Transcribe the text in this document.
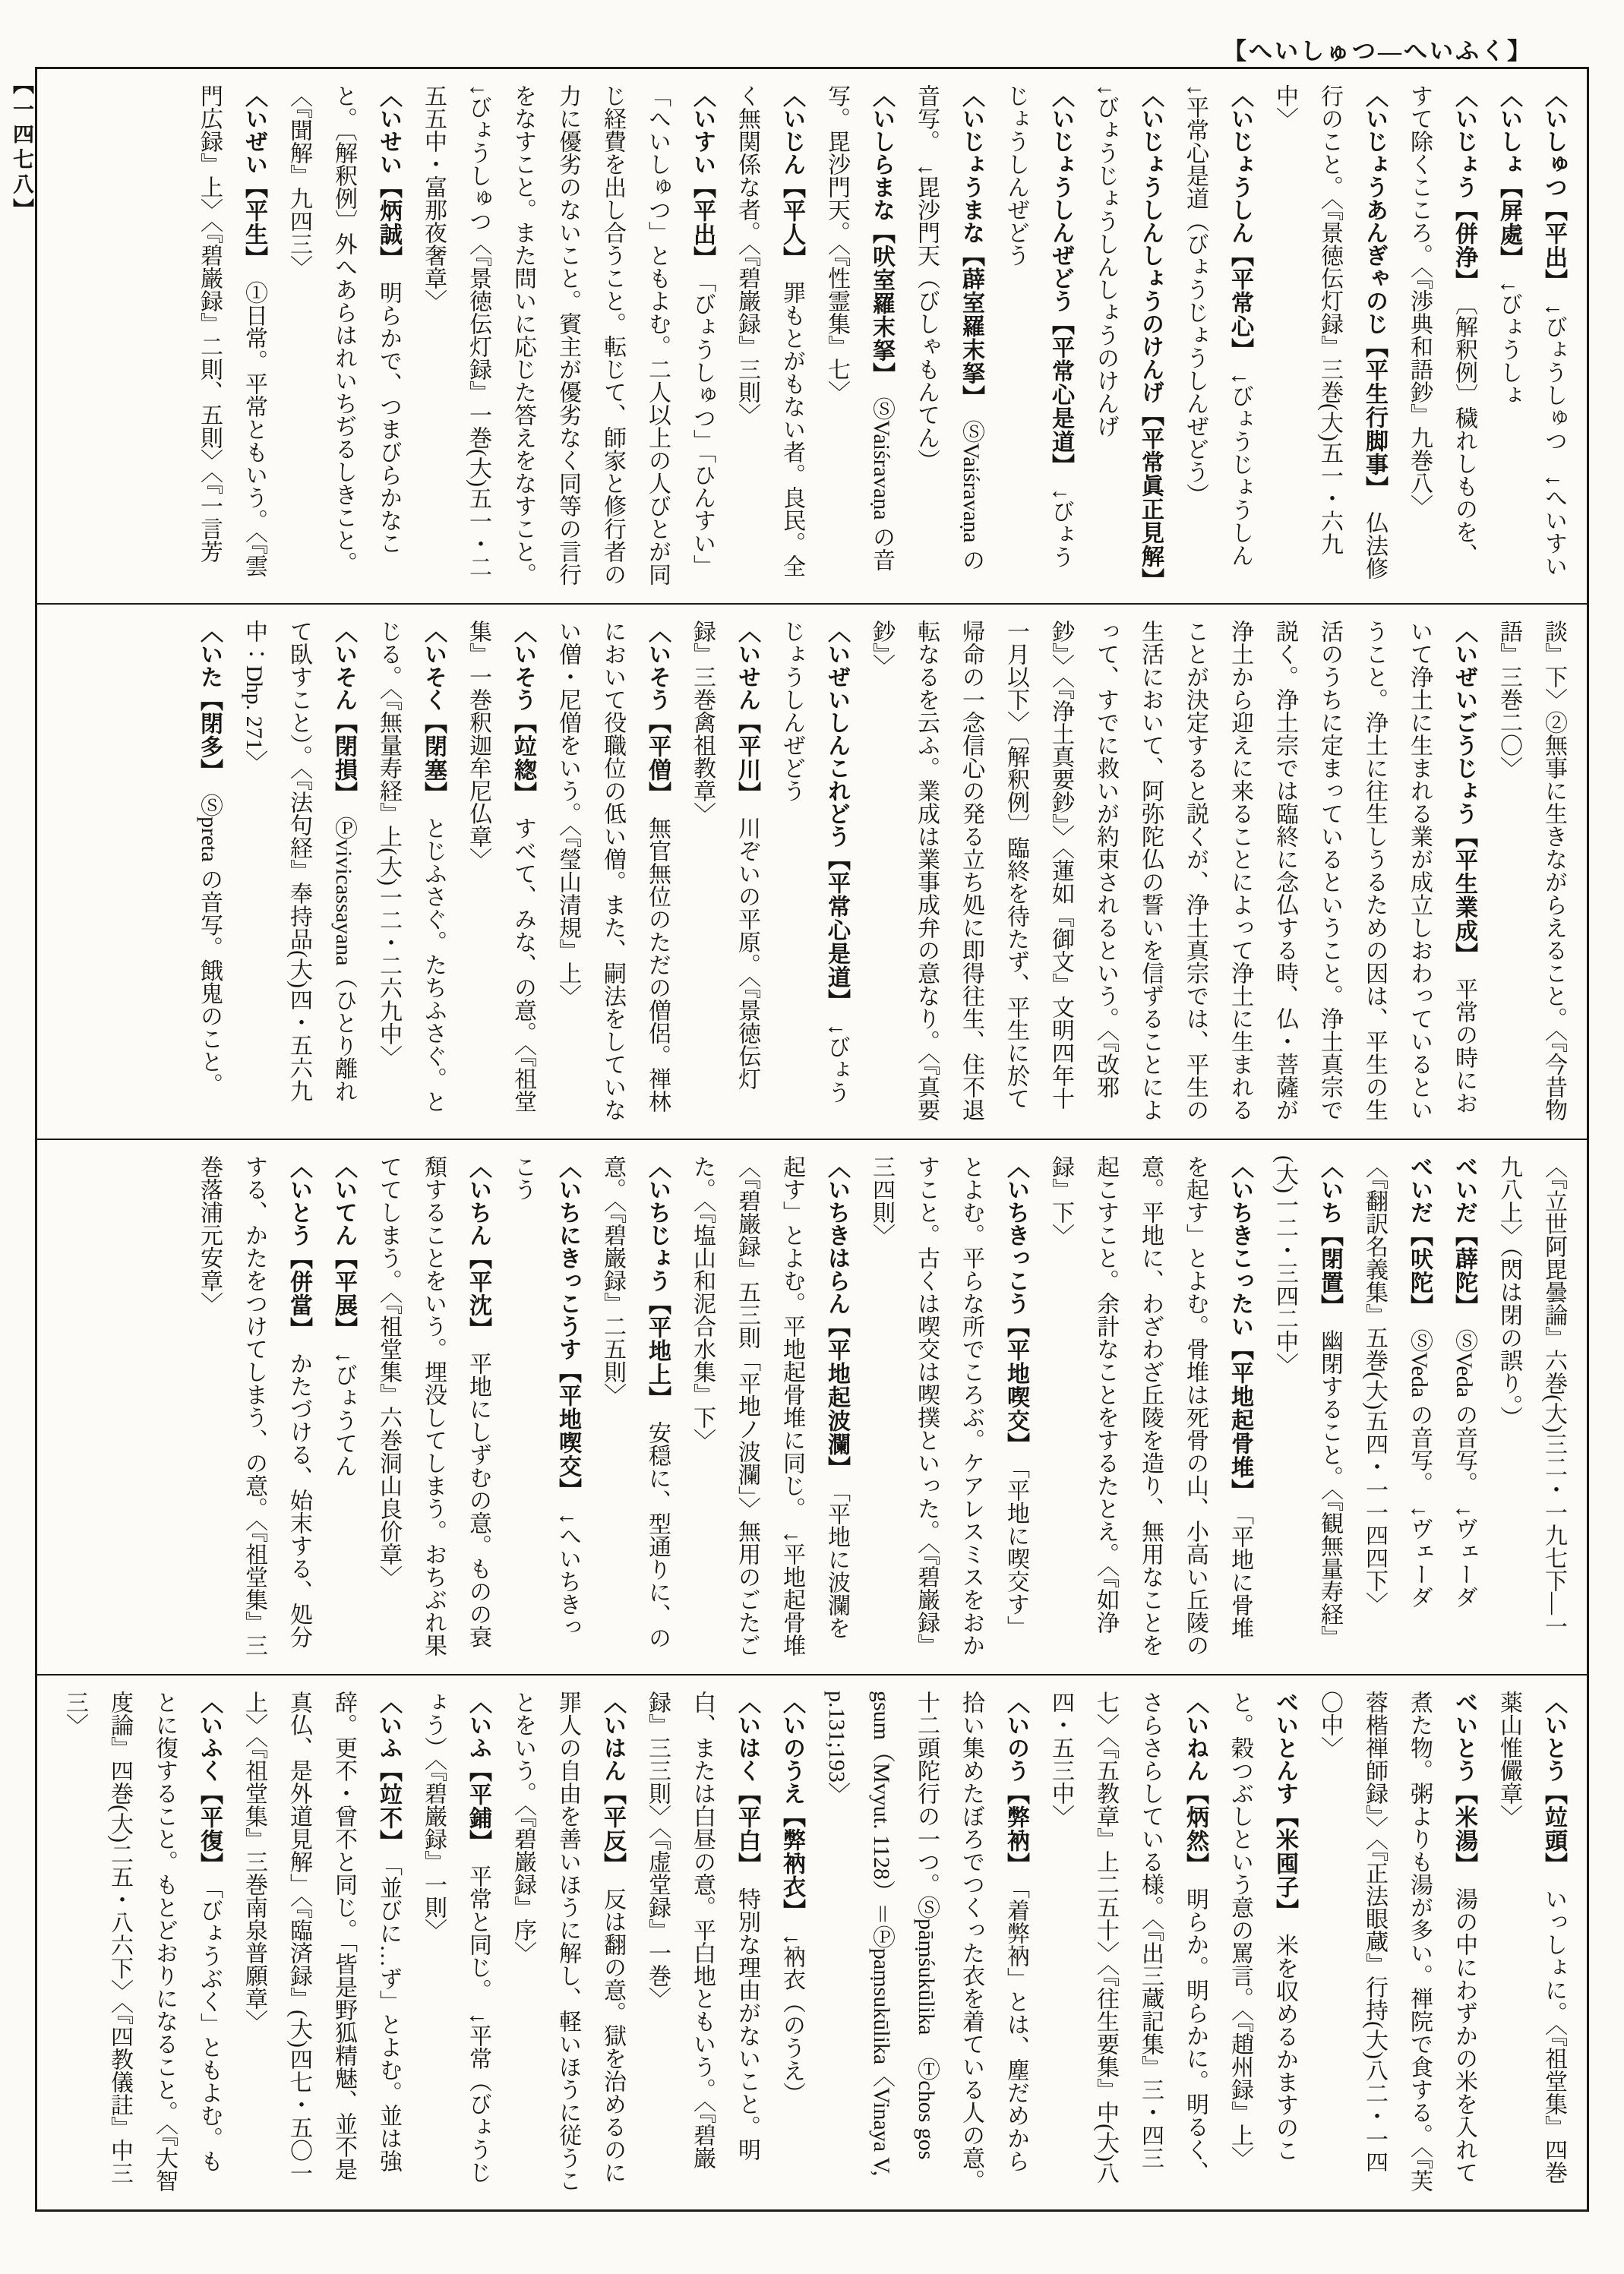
【へいしゅつ―へいふく】
【一四七八】	〈いしゅつ【平出】　↓びょうしゅつ　↓へいすい

〈いしょ【屏處】　↓びょうしょ

〈いじょう【併浄】　〔解釈例〕穢れしものを、すて除くこころ。〈『渉典和語鈔』九巻八〉

〈いじょうあんぎゃのじ【平生行脚事】　仏法修行のこと。〈『景徳伝灯録』三巻(大)五一・六九中〉

〈いじょうしん【平常心】　↓びょうじょうしん　↓平常心是道（びょうじょうしんぜどう）

〈いじょうしんしょうのけんげ【平常眞正見解】　↓びょうじょうしんしょうのけんげ

〈いじょうしんぜどう【平常心是道】　↓びょうじょうしんぜどう

〈いじょうまな【薜室羅末拏】　ⓈVaiśravaṇa の音写。　↓毘沙門天（びしゃもんてん）

〈いしらまな【吠室羅末拏】　ⓈVaiśravaṇa の音写。毘沙門天。〈『性霊集』七〉

〈いじん【平人】　罪もとがもない者。良民。全く無関係な者。〈『碧巌録』三則〉

〈いすい【平出】　「びょうしゅつ」「ひんすい」「へいしゅつ」ともよむ。二人以上の人びとが同じ経費を出し合うこと。転じて、師家と修行者の力に優劣のないこと。賓主が優劣なく同等の言行をなすこと。また問いに応じた答えをなすこと。　↓びょうしゅつ〈『景徳伝灯録』一巻(大)五一・二五五中・富那夜奢章〉

〈いせい【炳誠】　明らかで、つまびらかなこと。〔解釈例〕外へあらはれいちぢるしきこと。〈『聞解』九四三〉

〈いぜい【平生】　①日常。平常ともいう。〈『雲門広録』上〉〈『碧巌録』二則、五則〉〈『一言芳

談』下〉②無事に生きながらえること。〈『今昔物語』三巻二〇〉

〈いぜいごうじょう【平生業成】　平常の時において浄土に生まれる業が成立しおわっているということ。浄土に往生しうるための因は、平生の生活のうちに定まっているということ。浄土真宗で説く。浄土宗では臨終に念仏する時、仏・菩薩が浄土から迎えに来ることによって浄土に生まれることが決定すると説くが、浄土真宗では、平生の生活において、阿弥陀仏の誓いを信ずることによって、すでに救いが約束されるという。〈『改邪鈔』〉〈『浄土真要鈔』〉〈蓮如『御文』文明四年十一月以下〉〔解釈例〕臨終を待たず、平生に於て帰命の一念信心の発る立ち処に即得往生、住不退転なるを云ふ。業成は業事成弁の意なり。〈『真要鈔』〉

〈いぜいしんこれどう【平常心是道】　↓びょうじょうしんぜどう

〈いせん【平川】　川ぞいの平原。〈『景徳伝灯録』三巻禽祖教章〉

〈いそう【平僧】　無官無位のただの僧侶。禅林において役職位の低い僧。また、嗣法をしていない僧・尼僧をいう。〈『瑩山清規』上〉

〈いそう【竝緫】　すべて、みな、の意。〈『祖堂集』一巻釈迦牟尼仏章〉

〈いそく【閉塞】　とじふさぐ。たちふさぐ。とじる。〈『無量寿経』上(大)一二・二六九中〉

〈いそん【閉損】　Ⓟvivicassayana（ひとり離れて臥すこと）。〈『法句経』奉持品(大)四・五六九中：Dhp. 271〉

〈いた【閉多】　Ⓢpreta の音写。餓鬼のこと。

〈『立世阿毘曇論』六巻(大)三二・一九七下―一九八上〉（閃は閉の誤り。）

べいだ【薜陀】　ⓈVeda の音写。　↓ヴェーダ

べいだ【吠陀】　ⓈVeda の音写。　↓ヴェーダ〈『翻訳名義集』五巻(大)五四・一一四四下〉

〈いち【閉置】　幽閉すること。〈『観無量寿経』(大)一二・三四二中〉

〈いちきこったい【平地起骨堆】　「平地に骨堆を起す」とよむ。骨堆は死骨の山、小高い丘陵の意。平地に、わざわざ丘陵を造り、無用なことを起こすこと。余計なことをするたとえ。〈『如浄録』下〉

〈いちきっこう【平地喫交】　「平地に喫交す」とよむ。平らな所でころぶ。ケアレスミスをおかすこと。古くは喫交は喫撲といった。〈『碧巌録』三四則〉

〈いちきはらん【平地起波瀾】　「平地に波瀾を起す」とよむ。平地起骨堆に同じ。　↓平地起骨堆〈『碧巌録』五三則「平地ノ波瀾」〉無用のごたごた。〈『塩山和泥合水集』下〉

〈いちじょう【平地上】　安穏に、型通りに、の意。〈『碧巌録』二五則〉

〈いちにきっこうす【平地喫交】　↓へいちきっこう

〈いちん【平沈】　平地にしずむの意。ものの衰頽することをいう。埋没してしまう。おちぶれ果ててしまう。〈『祖堂集』六巻洞山良价章〉

〈いてん【平展】　↓びょうてん

〈いとう【併當】　かたづける、始末する、処分する、かたをつけてしまう、の意。〈『祖堂集』三巻落浦元安章〉

〈いとう【竝頭】　いっしょに。〈『祖堂集』四巻薬山惟儼章〉

べいとう【米湯】　湯の中にわずかの米を入れて煮た物。粥よりも湯が多い。禅院で食する。〈『芙蓉楷禅師録』〉〈『正法眼蔵』行持(大)八二・一四〇中〉

べいとんす【米囤子】　米を収めるかますのこと。穀つぶしという意の罵言。〈『趙州録』上〉

〈いねん【炳然】　明らか。明らかに。明るく、さらさらしている様。〈『出三蔵記集』三・四三七〉〈『五教章』上二五十〉〈『往生要集』中(大)八四・五三中〉

〈いのう【弊衲】　「着弊衲」とは、塵だめから拾い集めたぼろでつくった衣を着ている人の意。十二頭陀行の一つ。Ⓢpāṃśukūlika　Ⓣchos gos gsum（Mvyut. 1128）＝Ⓟpaṃsukūlika〈Vinaya V, p.131;193〉

〈いのうえ【弊衲衣】　↓衲衣（のうえ）

〈いはく【平白】　特別な理由がないこと。明白、または白昼の意。平白地ともいう。〈『碧巌録』三三則〉〈『虚堂録』一巻〉

〈いはん【平反】　反は翻の意。獄を治めるのに罪人の自由を善いほうに解し、軽いほうに従うことをいう。〈『碧巌録』序〉

〈いふ【平鋪】　平常と同じ。　↓平常（びょうじょう）〈『碧巌録』一則〉

〈いふ【竝不】　「並びに…ず」とよむ。並は強辞。更不・曾不と同じ。「皆是野狐精魅、並不是真仏、是外道見解」〈『臨済録』(大)四七・五〇一上〉〈『祖堂集』三巻南泉普願章〉

〈いふく【平復】　「びょうぶく」ともよむ。もとに復すること。もとどおりになること。〈『大智度論』四巻(大)二五・八六下〉〈『四教儀註』中三三〉
